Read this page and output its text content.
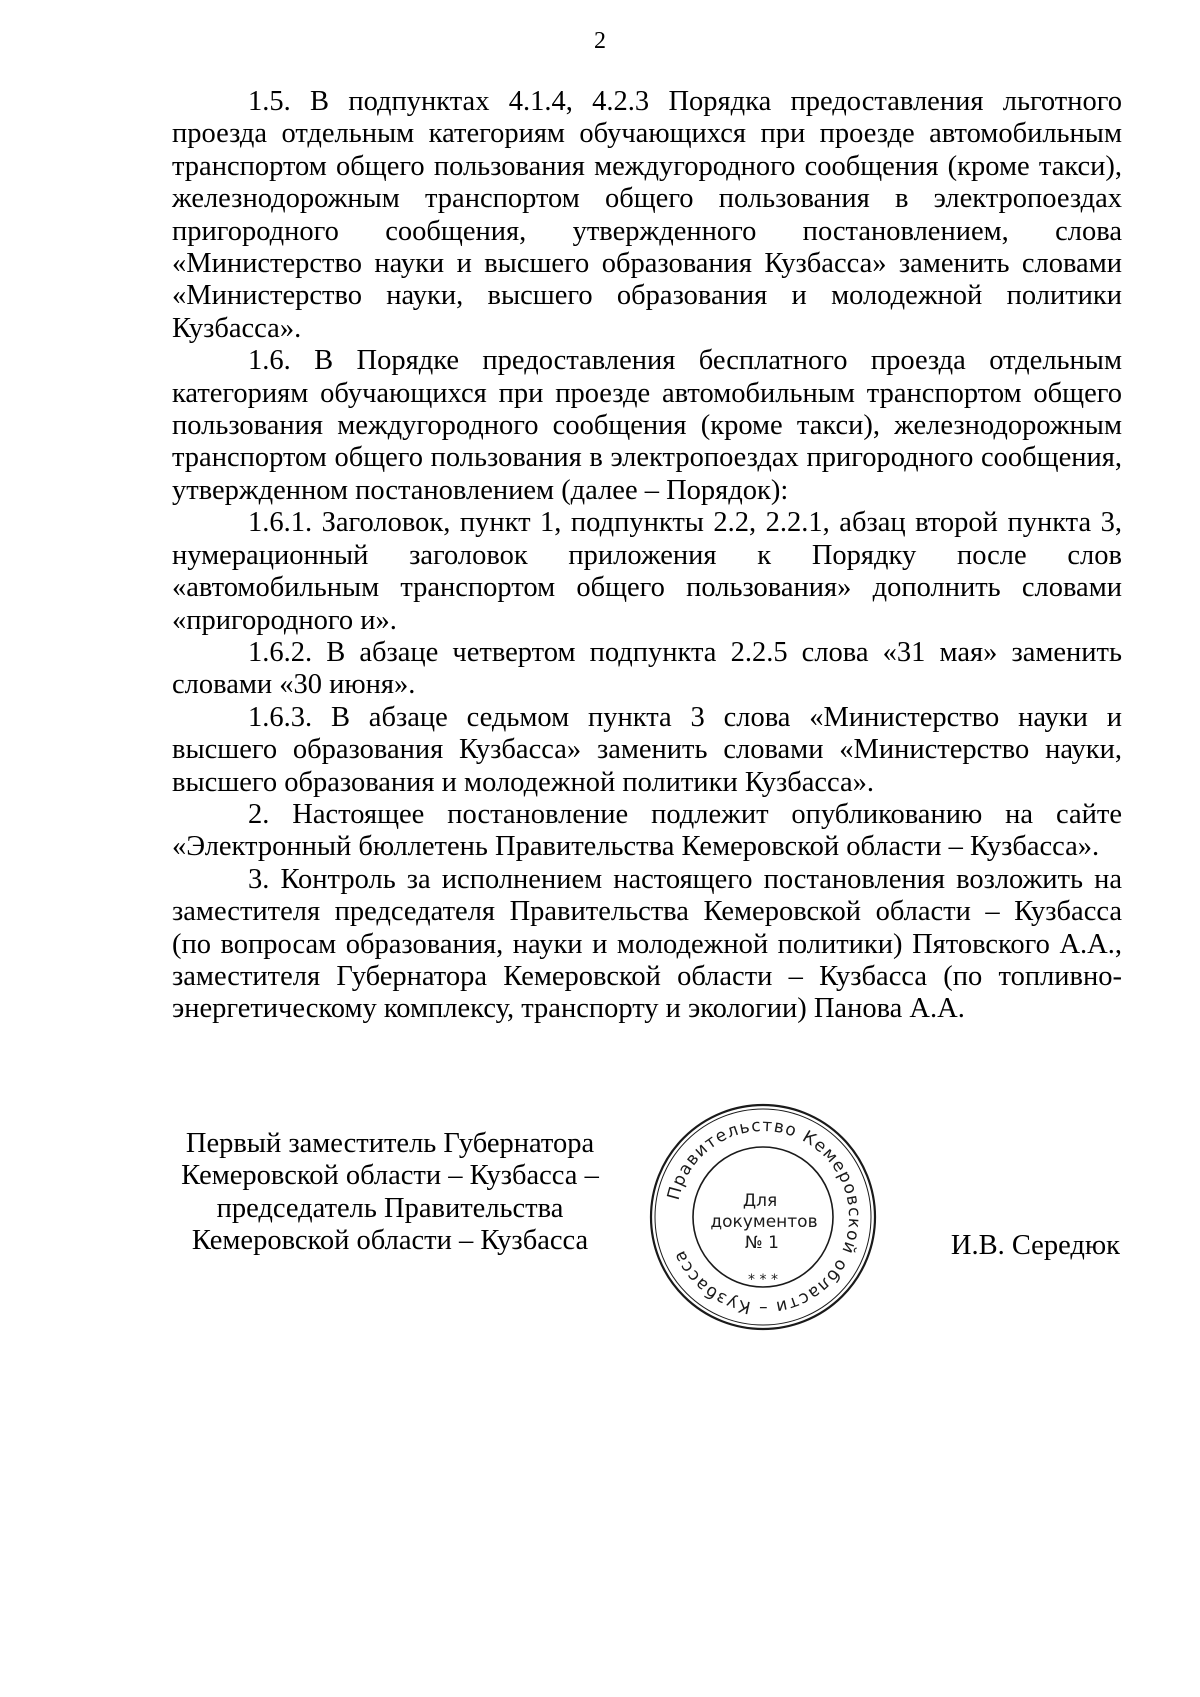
2

1.5. В подпунктах 4.1.4, 4.2.3 Порядка предоставления льготного проезда отдельным категориям обучающихся при проезде автомобильным транспортом общего пользования междугородного сообщения (кроме такси), железнодорожным транспортом общего пользования в электропоездах пригородного сообщения, утвержденного постановлением, слова «Министерство науки и высшего образования Кузбасса» заменить словами «Министерство науки, высшего образования и молодежной политики Кузбасса».

1.6. В Порядке предоставления бесплатного проезда отдельным категориям обучающихся при проезде автомобильным транспортом общего пользования междугородного сообщения (кроме такси), железнодорожным транспортом общего пользования в электропоездах пригородного сообщения, утвержденном постановлением (далее – Порядок):

1.6.1. Заголовок, пункт 1, подпункты 2.2, 2.2.1, абзац второй пункта 3, нумерационный заголовок приложения к Порядку после слов «автомобильным транспортом общего пользования» дополнить словами «пригородного и».

1.6.2. В абзаце четвертом подпункта 2.2.5 слова «31 мая» заменить словами «30 июня».

1.6.3. В абзаце седьмом пункта 3 слова «Министерство науки и высшего образования Кузбасса» заменить словами «Министерство науки, высшего образования и молодежной политики Кузбасса».

2. Настоящее постановление подлежит опубликованию на сайте «Электронный бюллетень Правительства Кемеровской области – Кузбасса».

3. Контроль за исполнением настоящего постановления возложить на заместителя председателя Правительства Кемеровской области – Кузбасса (по вопросам образования, науки и молодежной политики) Пятовского А.А., заместителя Губернатора Кемеровской области – Кузбасса (по топливно-энергетическому комплексу, транспорту и экологии) Панова А.А.

Первый заместитель Губернатора
Кемеровской области – Кузбасса –
председатель Правительства
Кемеровской области – Кузбасса
Правительство Кемеровской области – Кузбасса
* * *
Для
документов
№ 1	И.В. Середюк
